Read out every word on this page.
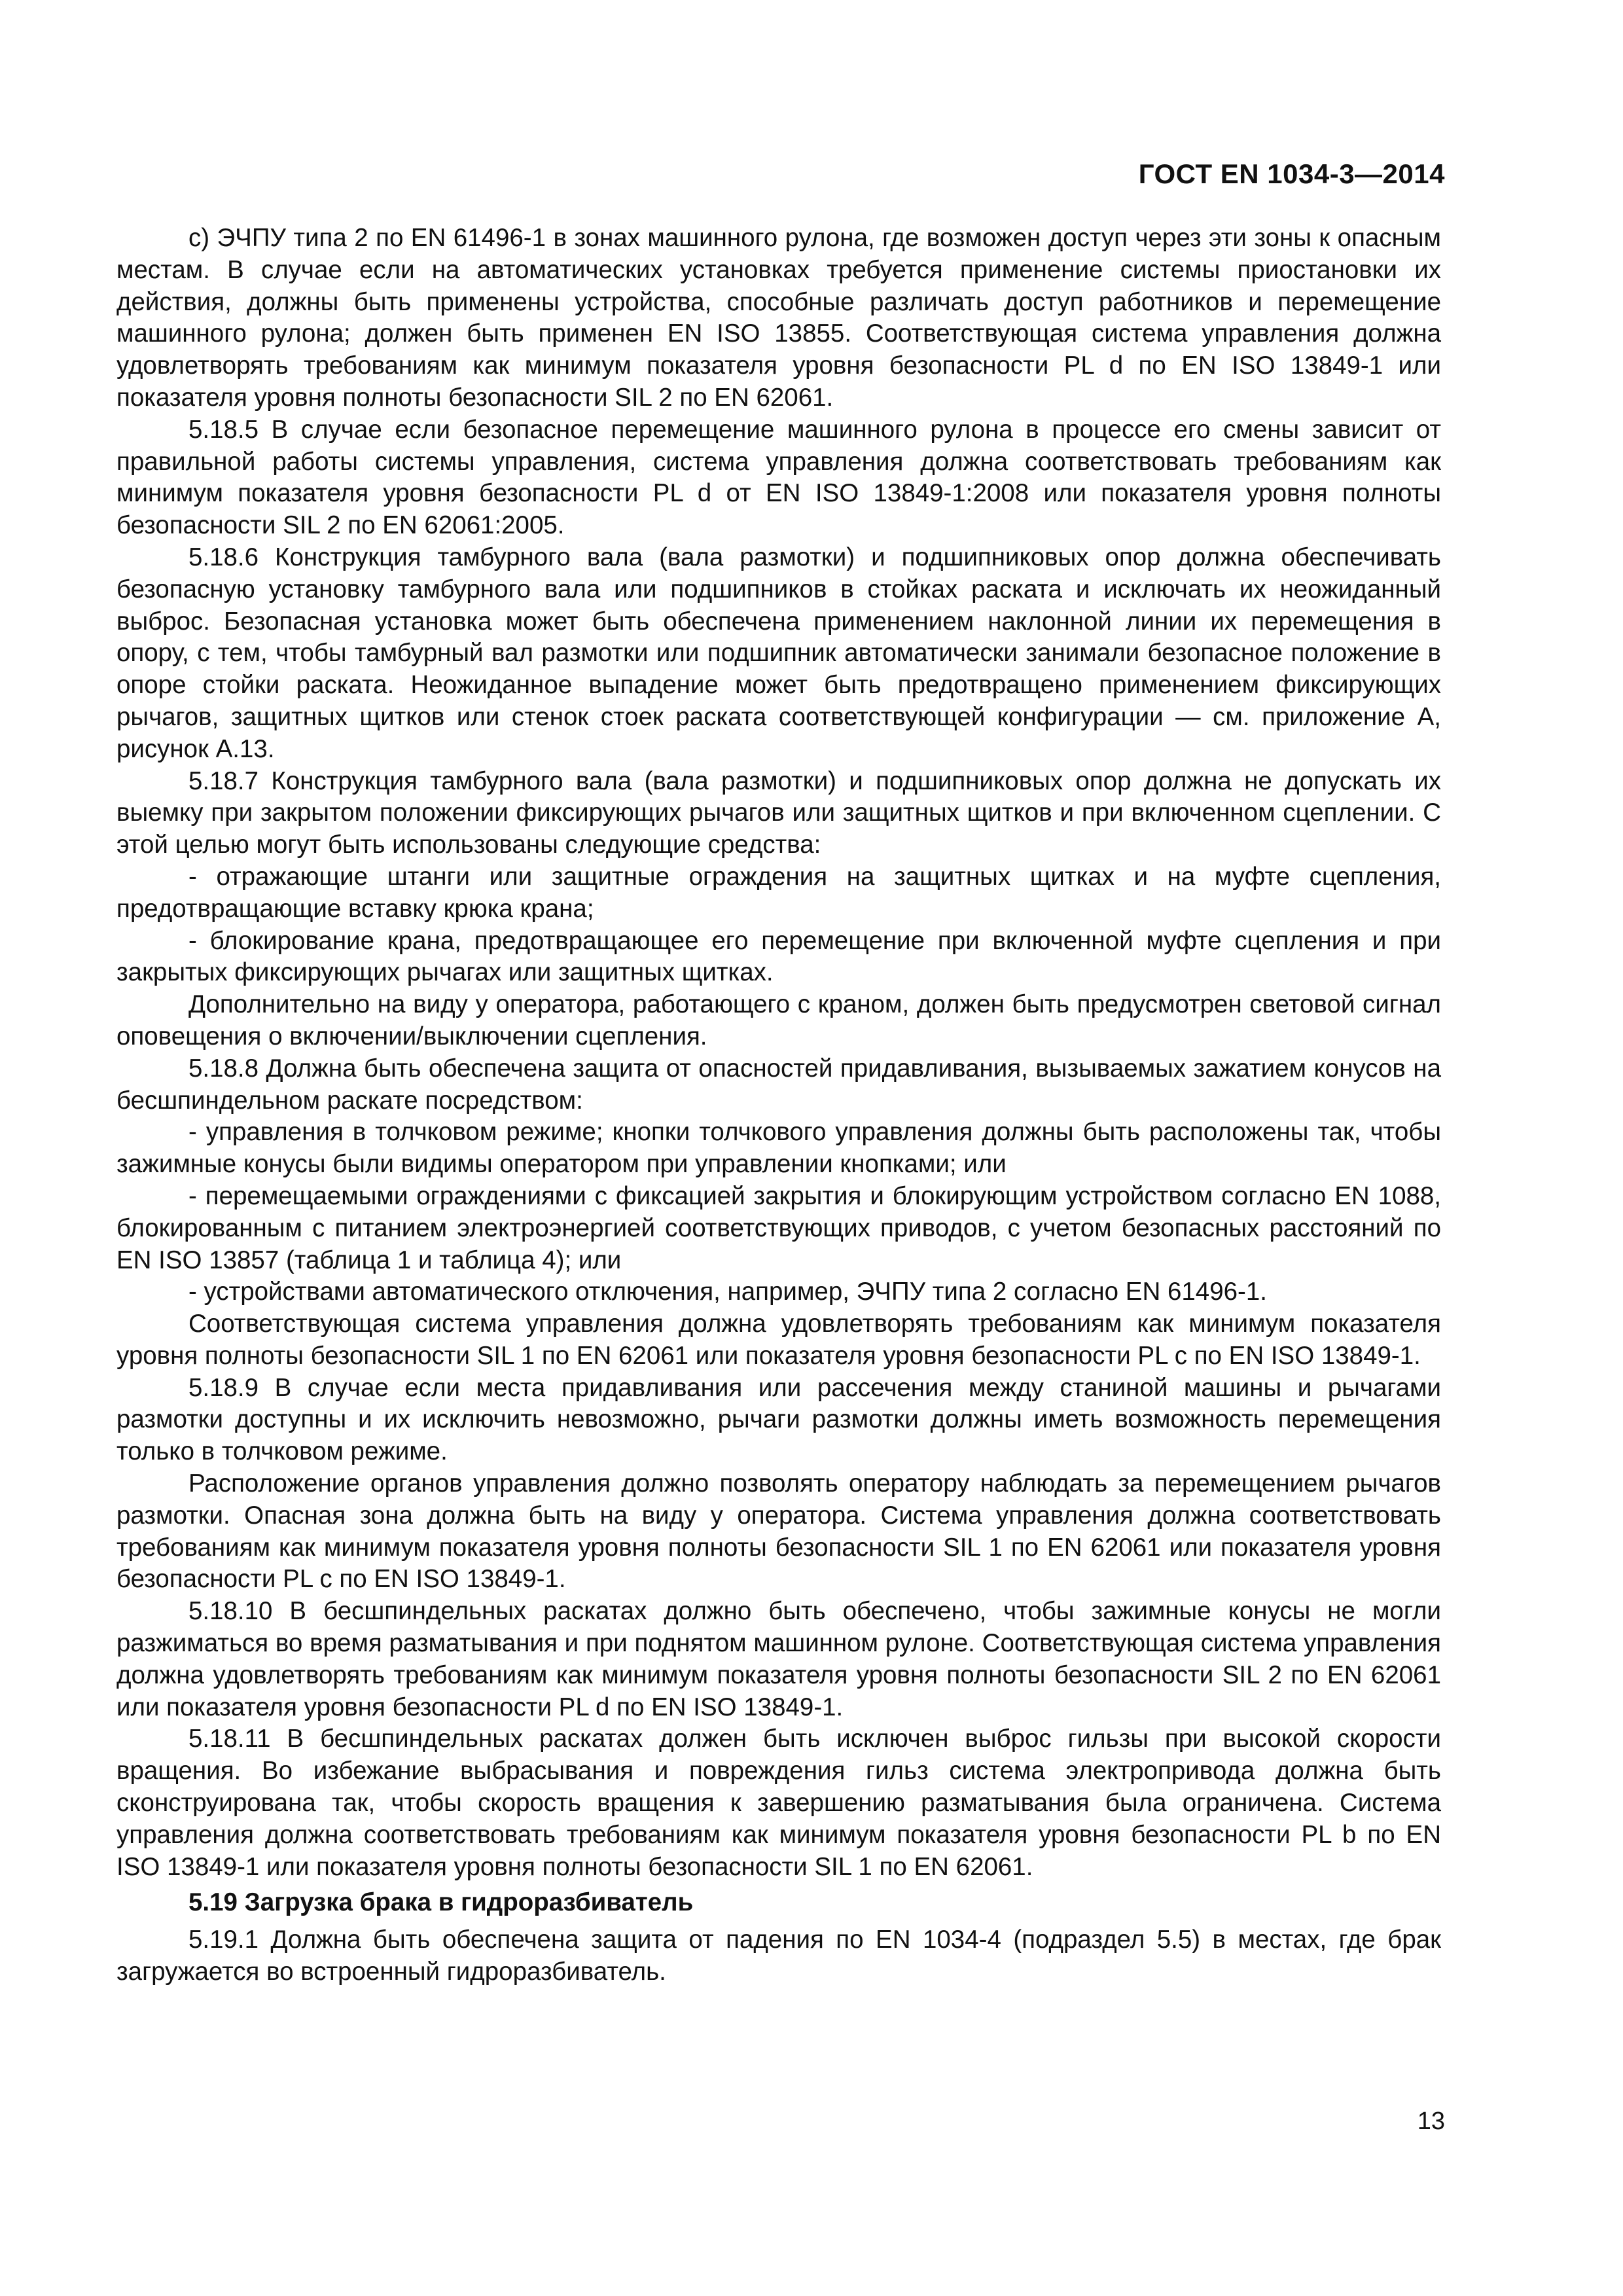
ГОСТ EN 1034-3—2014

с) ЭЧПУ типа 2 по EN 61496-1 в зонах машинного рулона, где возможен доступ через эти зоны к опасным местам. В случае если на автоматических установках требуется применение системы приостановки их действия, должны быть применены устройства, способные различать доступ работников и перемещение машинного рулона; должен быть применен EN ISO 13855. Соответствующая система управления должна удовлетворять требованиям как минимум показателя уровня безопасности PL d по EN ISO 13849-1 или показателя уровня полноты безопасности SIL 2 по EN 62061.

5.18.5 В случае если безопасное перемещение машинного рулона в процессе его смены зависит от правильной работы системы управления, система управления должна соответствовать требованиям как минимум показателя уровня безопасности PL d от EN ISO 13849-1:2008 или показателя уровня полноты безопасности SIL 2 по EN 62061:2005.

5.18.6 Конструкция тамбурного вала (вала размотки) и подшипниковых опор должна обеспечивать безопасную установку тамбурного вала или подшипников в стойках раската и исключать их неожиданный выброс. Безопасная установка может быть обеспечена применением наклонной линии их перемещения в опору, с тем, чтобы тамбурный вал размотки или подшипник автоматически занимали безопасное положение в опоре стойки раската. Неожиданное выпадение может быть предотвращено применением фиксирующих рычагов, защитных щитков или стенок стоек раската соответствующей конфигурации — см. приложение А, рисунок А.13.

5.18.7 Конструкция тамбурного вала (вала размотки) и подшипниковых опор должна не допускать их выемку при закрытом положении фиксирующих рычагов или защитных щитков и при включенном сцеплении. С этой целью могут быть использованы следующие средства:

- отражающие штанги или защитные ограждения на защитных щитках и на муфте сцепления, предотвращающие вставку крюка крана;

- блокирование крана, предотвращающее его перемещение при включенной муфте сцепления и при закрытых фиксирующих рычагах или защитных щитках.

Дополнительно на виду у оператора, работающего с краном, должен быть предусмотрен световой сигнал оповещения о включении/выключении сцепления.

5.18.8 Должна быть обеспечена защита от опасностей придавливания, вызываемых зажатием конусов на бесшпиндельном раскате посредством:

- управления в толчковом режиме; кнопки толчкового управления должны быть расположены так, чтобы зажимные конусы были видимы оператором при управлении кнопками; или

- перемещаемыми ограждениями с фиксацией закрытия и блокирующим устройством согласно EN 1088, блокированным с питанием электроэнергией соответствующих приводов, с учетом безопасных расстояний по EN ISO 13857 (таблица 1 и таблица 4); или

- устройствами автоматического отключения, например, ЭЧПУ типа 2 согласно EN 61496-1.

Соответствующая система управления должна удовлетворять требованиям как минимум показателя уровня полноты безопасности SIL 1 по EN 62061 или показателя уровня безопасности PL c по EN ISO 13849-1.

5.18.9 В случае если места придавливания или рассечения между станиной машины и рычагами размотки доступны и их исключить невозможно, рычаги размотки должны иметь возможность перемещения только в толчковом режиме.

Расположение органов управления должно позволять оператору наблюдать за перемещением рычагов размотки. Опасная зона должна быть на виду у оператора. Система управления должна соответствовать требованиям как минимум показателя уровня полноты безопасности SIL 1 по EN 62061 или показателя уровня безопасности PL c по EN ISO 13849-1.

5.18.10 В бесшпиндельных раскатах должно быть обеспечено, чтобы зажимные конусы не могли разжиматься во время разматывания и при поднятом машинном рулоне. Соответствующая система управления должна удовлетворять требованиям как минимум показателя уровня полноты безопасности SIL 2 по EN 62061 или показателя уровня безопасности PL d по EN ISO 13849-1.

5.18.11 В бесшпиндельных раскатах должен быть исключен выброс гильзы при высокой скорости вращения. Во избежание выбрасывания и повреждения гильз система электропривода должна быть сконструирована так, чтобы скорость вращения к завершению разматывания была ограничена. Система управления должна соответствовать требованиям как минимум показателя уровня безопасности PL b по EN ISO 13849-1 или показателя уровня полноты безопасности SIL 1 по EN 62061.

5.19 Загрузка брака в гидроразбиватель

5.19.1 Должна быть обеспечена защита от падения по EN 1034-4 (подраздел 5.5) в местах, где брак загружается во встроенный гидроразбиватель.

13
